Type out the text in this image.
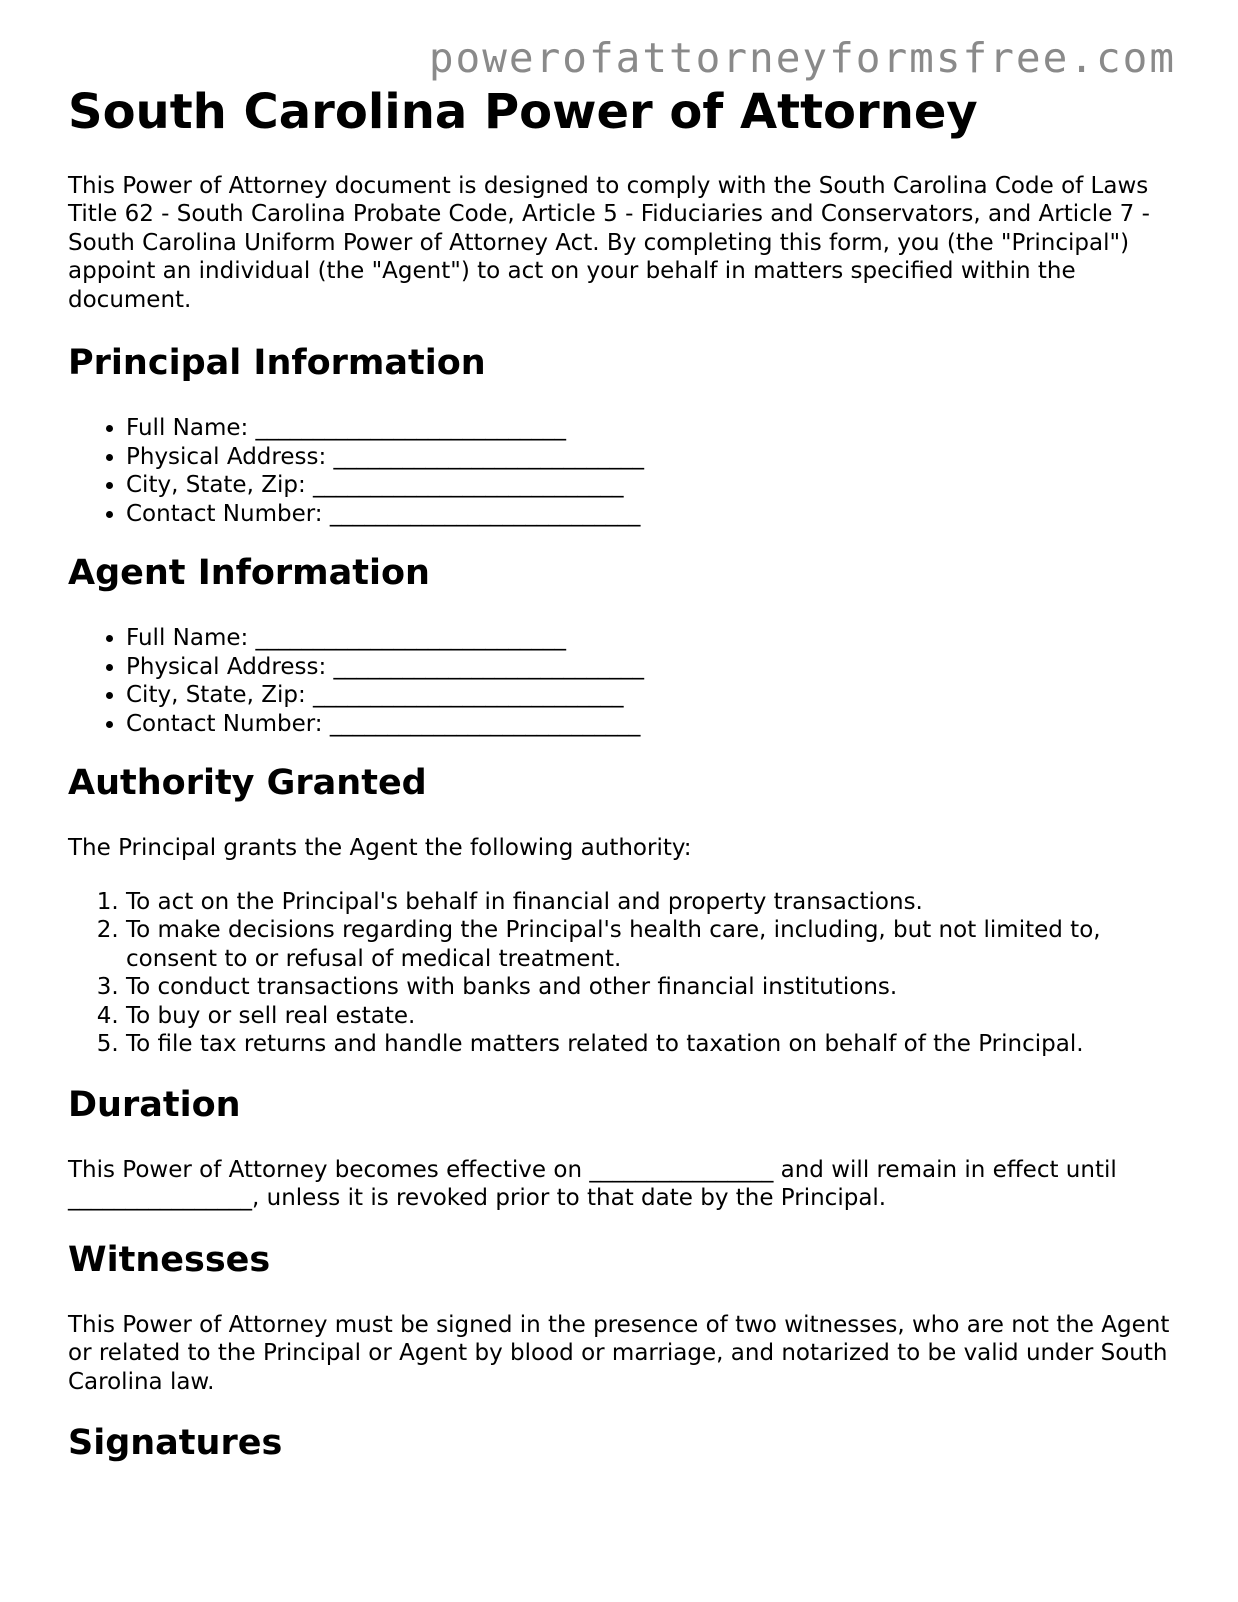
powerofattorneyformsfree.com
South Carolina Power of Attorney

This Power of Attorney document is designed to comply with the South Carolina Code of Laws Title 62 - South Carolina Probate Code, Article 5 - Fiduciaries and Conservators, and Article 7 - South Carolina Uniform Power of Attorney Act. By completing this form, you (the "Principal") appoint an individual (the "Agent") to act on your behalf in matters specified within the document.

Principal Information
• Full Name: ___________________________
• Physical Address: ___________________________
• City, State, Zip: ___________________________
• Contact Number: ___________________________
Agent Information
• Full Name: ___________________________
• Physical Address: ___________________________
• City, State, Zip: ___________________________
• Contact Number: ___________________________
Authority Granted

The Principal grants the Agent the following authority:

1. To act on the Principal's behalf in financial and property transactions.
2. To make decisions regarding the Principal's health care, including, but not limited to, consent to or refusal of medical treatment.
3. To conduct transactions with banks and other financial institutions.
4. To buy or sell real estate.
5. To file tax returns and handle matters related to taxation on behalf of the Principal.
Duration

This Power of Attorney becomes effective on ________________ and will remain in effect until ________________, unless it is revoked prior to that date by the Principal.

Witnesses

This Power of Attorney must be signed in the presence of two witnesses, who are not the Agent or related to the Principal or Agent by blood or marriage, and notarized to be valid under South Carolina law.

Signatures
